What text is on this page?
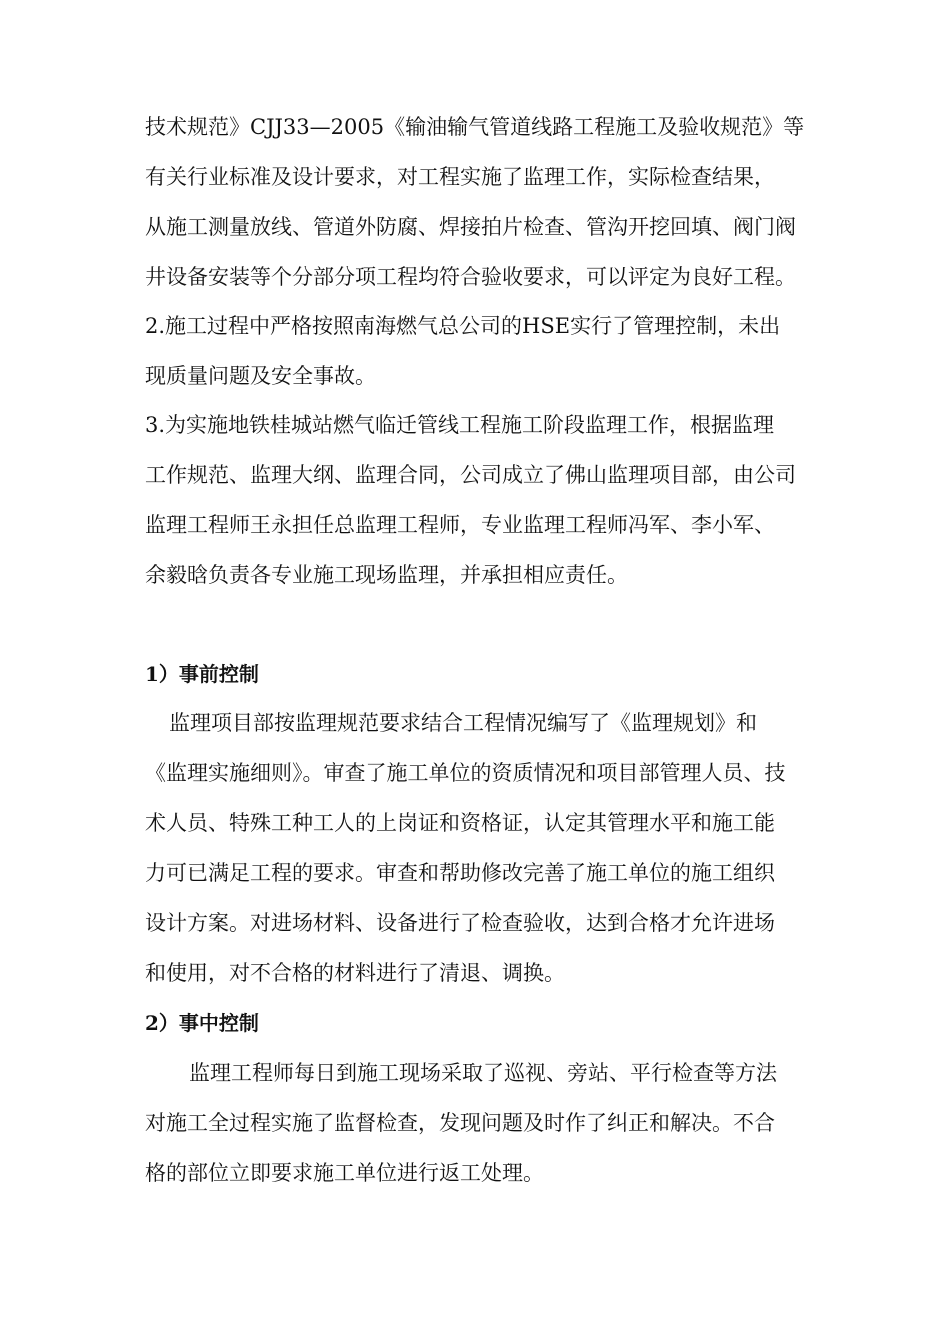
技术规范》CJJ33—2005《输油输气管道线路工程施工及验收规范》等
有关行业标准及设计要求，对工程实施了监理工作，实际检查结果，
从施工测量放线、管道外防腐、焊接拍片检查、管沟开挖回填、阀门阀
井设备安装等个分部分项工程均符合验收要求，可以评定为良好工程。
2.施工过程中严格按照南海燃气总公司的HSE实行了管理控制，未出
现质量问题及安全事故。
3.为实施地铁桂城站燃气临迁管线工程施工阶段监理工作，根据监理
工作规范、监理大纲、监理合同，公司成立了佛山监理项目部，由公司
监理工程师王永担任总监理工程师，专业监理工程师冯军、李小军、
余毅晗负责各专业施工现场监理，并承担相应责任。
1）事前控制
监理项目部按监理规范要求结合工程情况编写了《监理规划》和
《监理实施细则》。审查了施工单位的资质情况和项目部管理人员、技
术人员、特殊工种工人的上岗证和资格证，认定其管理水平和施工能
力可已满足工程的要求。审查和帮助修改完善了施工单位的施工组织
设计方案。对进场材料、设备进行了检查验收，达到合格才允许进场
和使用，对不合格的材料进行了清退、调换。
2）事中控制
监理工程师每日到施工现场采取了巡视、旁站、平行检查等方法
对施工全过程实施了监督检查，发现问题及时作了纠正和解决。不合
格的部位立即要求施工单位进行返工处理。
